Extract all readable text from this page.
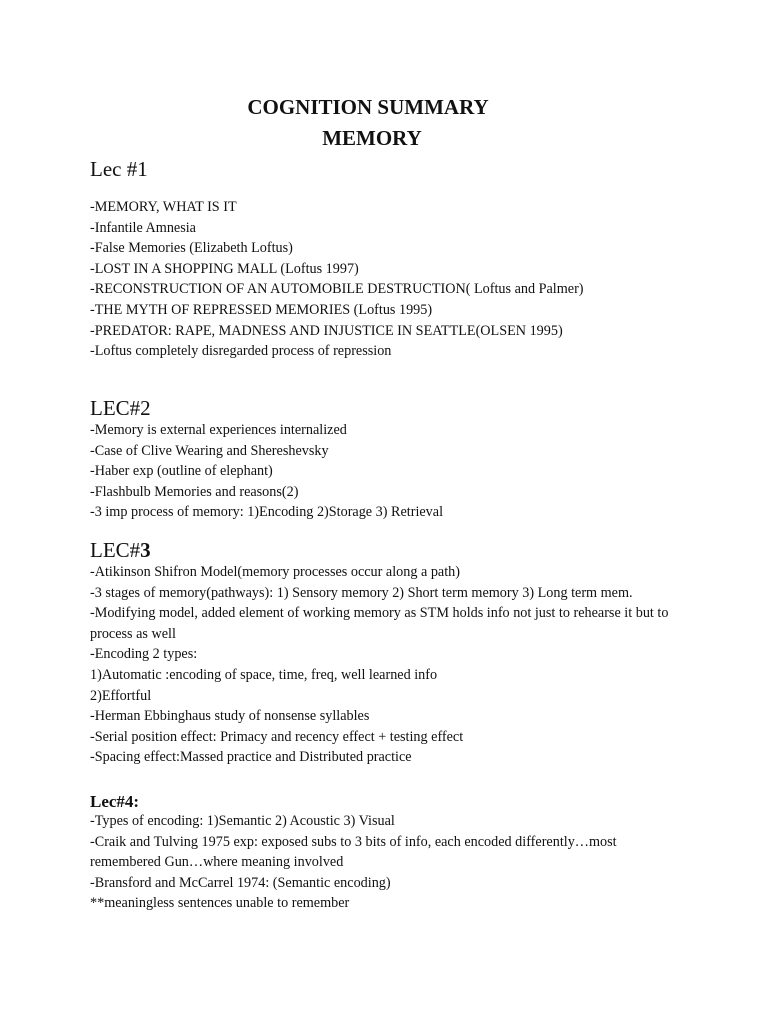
COGNITION SUMMARY
MEMORY
Lec #1
-MEMORY, WHAT IS IT
-Infantile Amnesia
-False Memories (Elizabeth Loftus)
-LOST IN A SHOPPING MALL (Loftus 1997)
-RECONSTRUCTION OF AN AUTOMOBILE DESTRUCTION( Loftus and Palmer)
-THE MYTH OF REPRESSED MEMORIES (Loftus 1995)
-PREDATOR: RAPE, MADNESS AND INJUSTICE IN SEATTLE(OLSEN 1995)
-Loftus completely disregarded process of repression
LEC#2
-Memory is external experiences internalized
-Case of Clive Wearing and Shereshevsky
-Haber exp (outline of elephant)
-Flashbulb Memories and reasons(2)
-3 imp process of memory: 1)Encoding 2)Storage 3) Retrieval
LEC#3
-Atikinson Shifron Model(memory processes occur along a path)
-3 stages of memory(pathways): 1) Sensory memory 2) Short term memory 3) Long term mem.
-Modifying model, added element of working memory as STM holds info not just to rehearse it but to process as well
-Encoding 2 types:
1)Automatic :encoding of space, time, freq, well learned info
2)Effortful
-Herman Ebbinghaus study of nonsense syllables
-Serial position effect: Primacy and recency effect + testing effect
-Spacing effect:Massed practice and Distributed practice
Lec#4:
-Types of encoding: 1)Semantic 2) Acoustic 3) Visual
-Craik and Tulving 1975 exp: exposed subs to 3 bits of info, each encoded differently…most remembered Gun…where meaning involved
-Bransford and McCarrel 1974: (Semantic encoding)
**meaningless sentences unable to remember
